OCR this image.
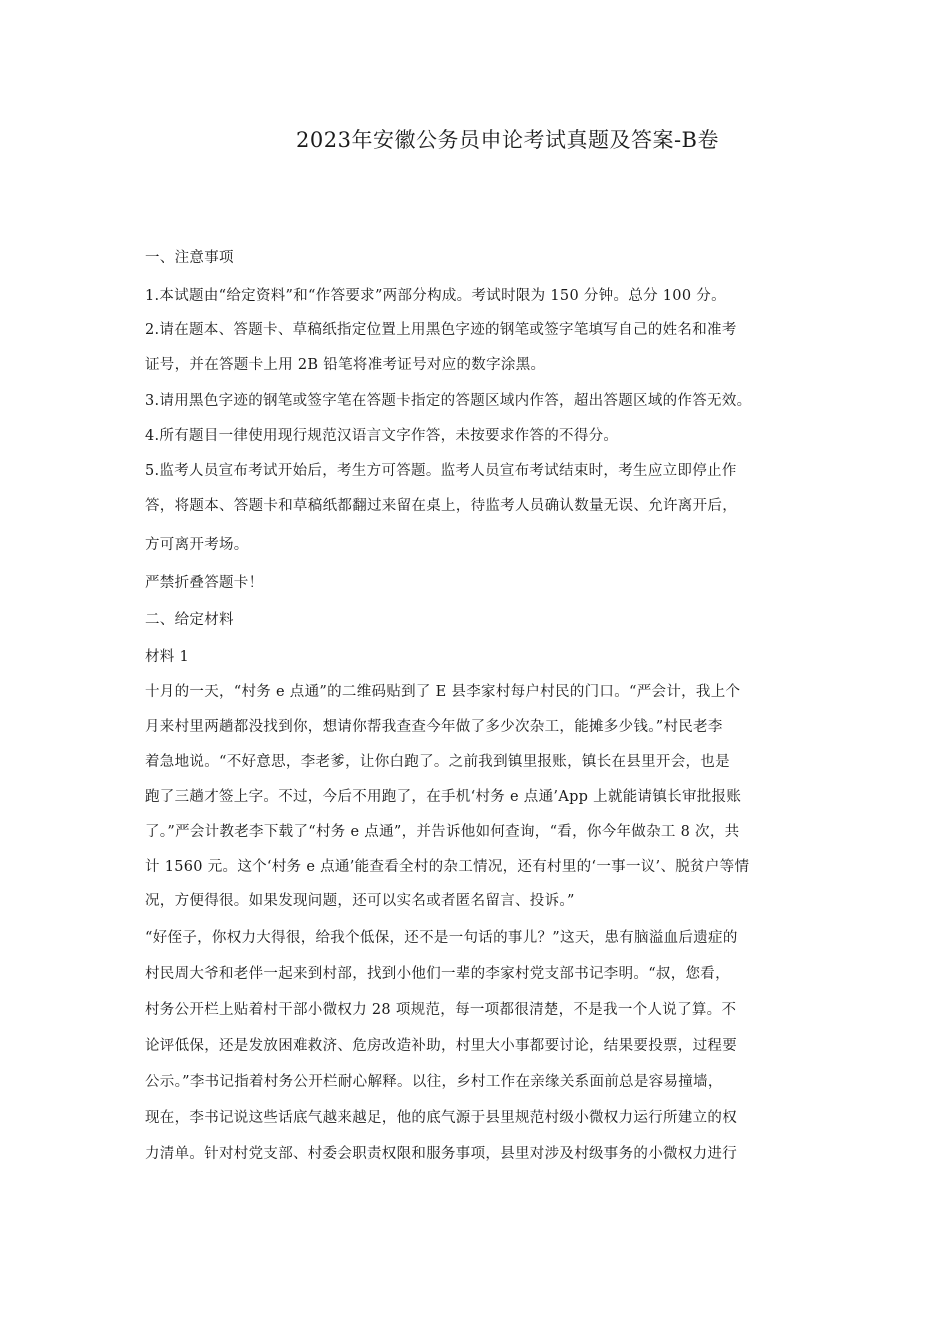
2023年安徽公务员申论考试真题及答案-B卷
一、注意事项
1.本试题由“给定资料”和“作答要求”两部分构成。考试时限为 150 分钟。总分 100 分。
2.请在题本、答题卡、草稿纸指定位置上用黑色字迹的钢笔或签字笔填写自己的姓名和准考
证号，并在答题卡上用 2B 铅笔将准考证号对应的数字涂黑。
3.请用黑色字迹的钢笔或签字笔在答题卡指定的答题区域内作答，超出答题区域的作答无效。
4.所有题目一律使用现行规范汉语言文字作答，未按要求作答的不得分。
5.监考人员宣布考试开始后，考生方可答题。监考人员宣布考试结束时，考生应立即停止作
答，将题本、答题卡和草稿纸都翻过来留在桌上，待监考人员确认数量无误、允许离开后，
方可离开考场。
严禁折叠答题卡！
二、给定材料
材料 1
十月的一天，“村务 e 点通”的二维码贴到了 E 县李家村每户村民的门口。“严会计，我上个
月来村里两趟都没找到你，想请你帮我查查今年做了多少次杂工，能摊多少钱。”村民老李
着急地说。“不好意思，李老爹，让你白跑了。之前我到镇里报账，镇长在县里开会，也是
跑了三趟才签上字。不过，今后不用跑了，在手机‘村务 e 点通’App 上就能请镇长审批报账
了。”严会计教老李下载了“村务 e 点通”，并告诉他如何查询，“看，你今年做杂工 8 次，共
计 1560 元。这个‘村务 e 点通’能查看全村的杂工情况，还有村里的‘一事一议’、脱贫户等情
况，方便得很。如果发现问题，还可以实名或者匿名留言、投诉。”
“好侄子，你权力大得很，给我个低保，还不是一句话的事儿？”这天，患有脑溢血后遗症的
村民周大爷和老伴一起来到村部，找到小他们一辈的李家村党支部书记李明。“叔，您看，
村务公开栏上贴着村干部小微权力 28 项规范，每一项都很清楚，不是我一个人说了算。不
论评低保，还是发放困难救济、危房改造补助，村里大小事都要讨论，结果要投票，过程要
公示。”李书记指着村务公开栏耐心解释。以往，乡村工作在亲缘关系面前总是容易撞墙，
现在，李书记说这些话底气越来越足，他的底气源于县里规范村级小微权力运行所建立的权
力清单。针对村党支部、村委会职责权限和服务事项，县里对涉及村级事务的小微权力进行
